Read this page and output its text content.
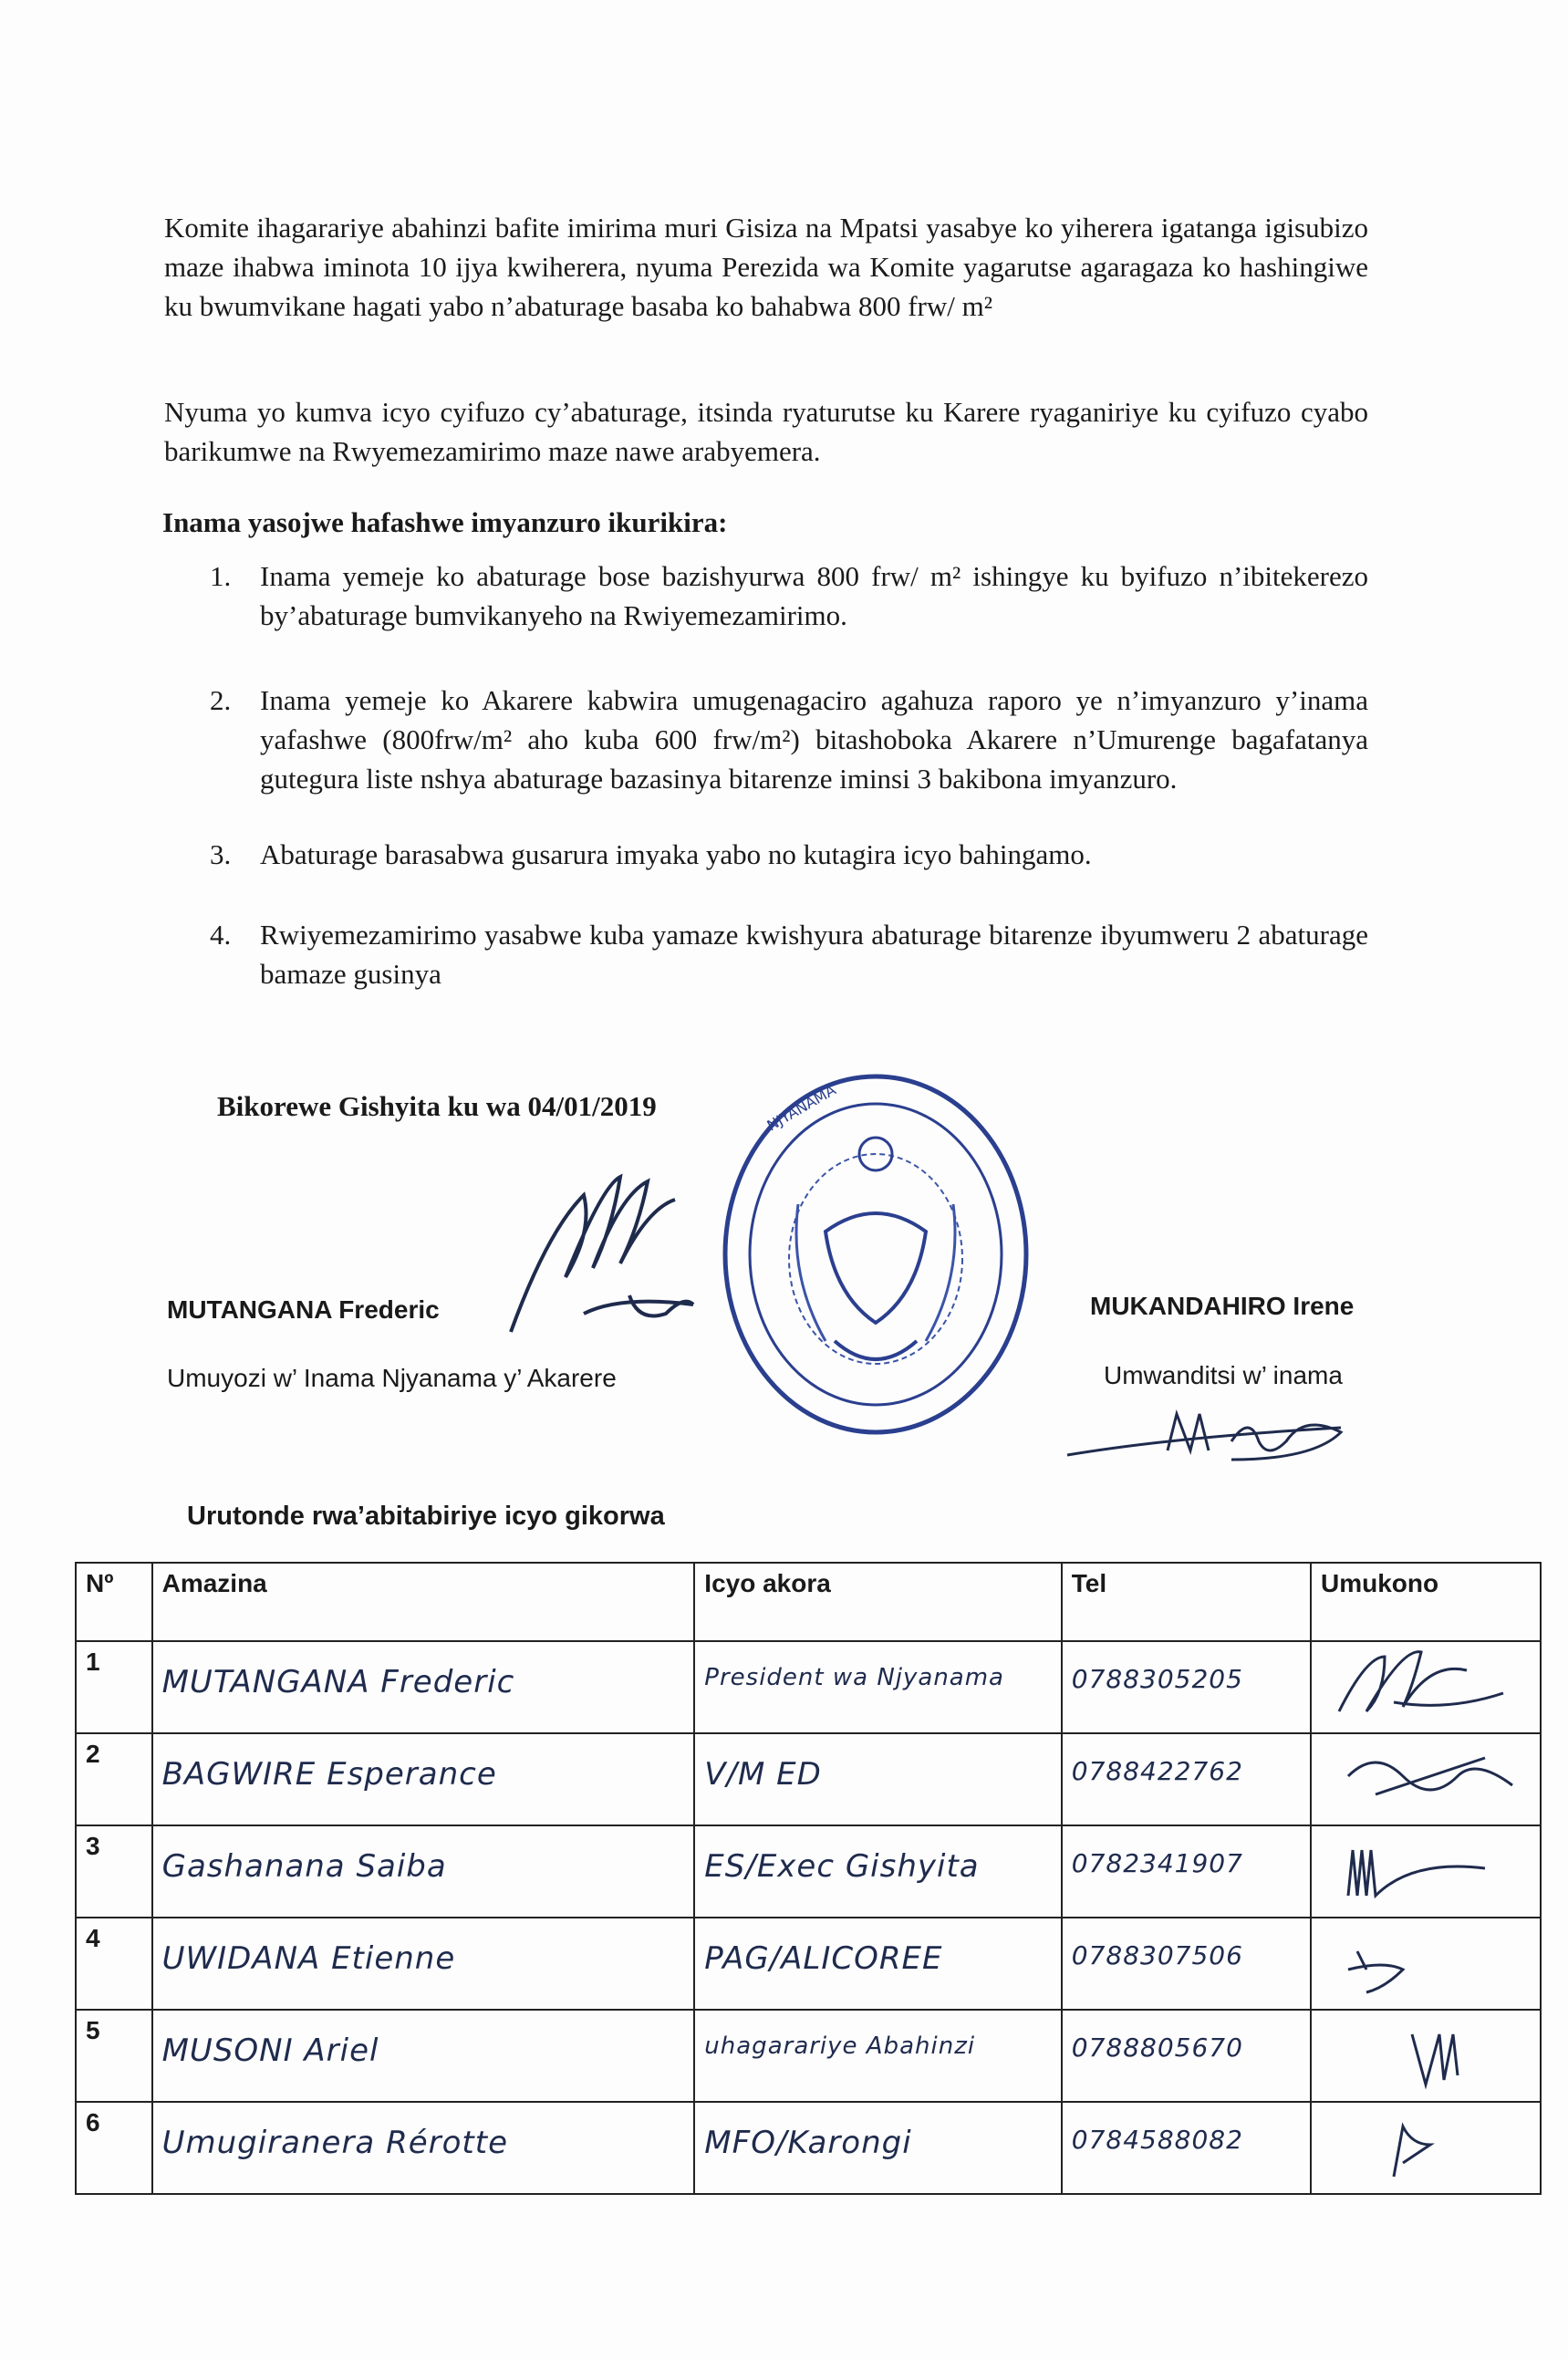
Komite ihagarariye abahinzi bafite imirima muri Gisiza na Mpatsi yasabye ko yiherera igatanga igisubizo maze ihabwa iminota 10 ijya kwiherera, nyuma Perezida wa Komite yagarutse agaragaza ko hashingiwe ku bwumvikane hagati yabo n’abaturage basaba ko bahabwa 800 frw/ m²

Nyuma yo kumva icyo cyifuzo cy’abaturage, itsinda ryaturutse ku Karere ryaganiriye ku cyifuzo cyabo barikumwe na Rwyemezamirimo maze nawe arabyemera.

Inama yasojwe hafashwe imyanzuro ikurikira:
1. Inama yemeje ko abaturage bose bazishyurwa 800 frw/ m² ishingye ku byifuzo n’ibitekerezo by’abaturage bumvikanyeho na Rwiyemezamirimo.
2. Inama yemeje ko Akarere kabwira umugenagaciro agahuza raporo ye n’imyanzuro y’inama yafashwe (800frw/m² aho kuba 600 frw/m²) bitashoboka Akarere n’Umurenge bagafatanya gutegura liste nshya abaturage bazasinya bitarenze iminsi 3 bakibona imyanzuro.
3. Abaturage barasabwa gusarura imyaka yabo no kutagira icyo bahingamo.
4. Rwiyemezamirimo yasabwe kuba yamaze kwishyura abaturage bitarenze ibyumweru 2 abaturage bamaze gusinya
Bikorewe Gishyita ku wa 04/01/2019	NJYANAMA
MUTANGANA Frederic
Umuyozi w’ Inama Njyanama y’ Akarere
MUKANDAHIRO Irene
Umwanditsi w’ inama
Urutonde rwa’abitabiriye icyo gikorwa
Nº	Amazina	Icyo akora	Tel	Umukono
1	MUTANGANA Frederic	President wa Njyanama	0788305205

2	BAGWIRE Esperance	V/M ED	0788422762

3	Gashanana Saiba	ES/Exec Gishyita	0782341907

4	UWIDANA Etienne	PAG/ALICOREE	0788307506

5	MUSONI Ariel	uhagarariye Abahinzi	0788805670

6	Umugiranera Rérotte	MFO/Karongi	0784588082
